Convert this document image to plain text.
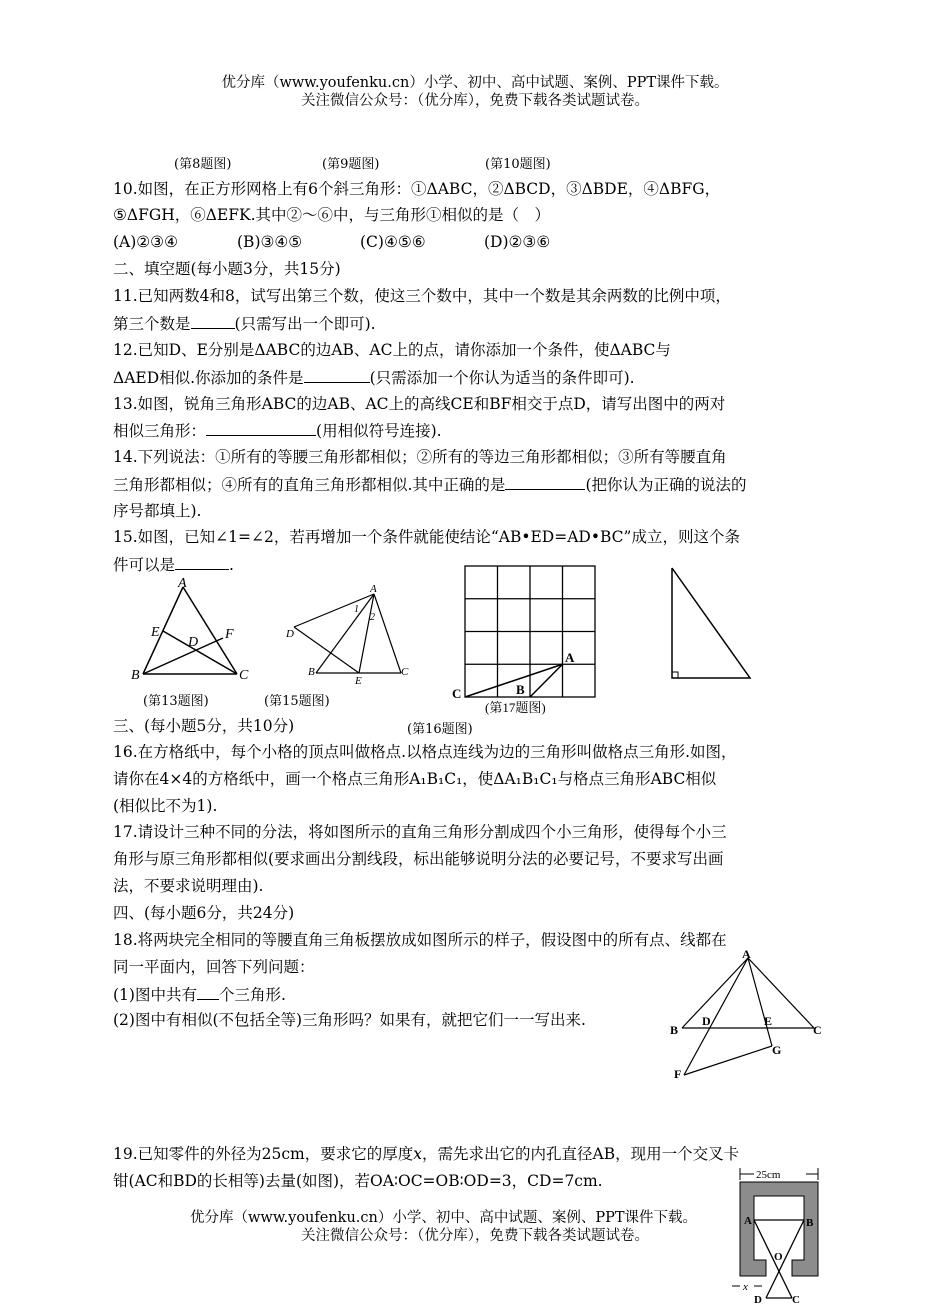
优分库（www.youfenku.cn）小学、初中、高中试题、案例、PPT课件下载。
关注微信公众号：（优分库），免费下载各类试题试卷。
(第8题图)	(第9题图)	(第10题图)
10.如图，在正方形网格上有6个斜三角形：①ΔABC，②ΔBCD，③ΔBDE，④ΔBFG，
⑤ΔFGH，⑥ΔEFK.其中②～⑥中，与三角形①相似的是（　）
(A)②③④	(B)③④⑤	(C)④⑤⑥	(D)②③⑥
二、填空题(每小题3分，共15分)
11.已知两数4和8，试写出第三个数，使这三个数中，其中一个数是其余两数的比例中项，
第三个数是	(只需写出一个即可).
12.已知D、E分别是ΔABC的边AB、AC上的点，请你添加一个条件，使ΔABC与
ΔAED相似.你添加的条件是	(只需添加一个你认为适当的条件即可).
13.如图，锐角三角形ABC的边AB、AC上的高线CE和BF相交于点D，请写出图中的两对
相似三角形：	(用相似符号连接).
14.下列说法：①所有的等腰三角形都相似；②所有的等边三角形都相似；③所有等腰直角
三角形都相似；④所有的直角三角形都相似.其中正确的是	(把你认为正确的说法的
序号都填上).
15.如图，已知∠1=∠2，若再增加一个条件就能使结论“AB•ED=AD•BC”成立，则这个条
件可以是	.
A
B	C
D
E	F
(第13题图)
A
B	C
D
E
1
2
(第15题图)
A
B
C
(第17题图)
三、(每小题5分，共10分)	(第16题图)
16.在方格纸中，每个小格的顶点叫做格点.以格点连线为边的三角形叫做格点三角形.如图，
请你在4×4的方格纸中，画一个格点三角形A₁B₁C₁，使ΔA₁B₁C₁与格点三角形ABC相似
(相似比不为1).
17.请设计三种不同的分法，将如图所示的直角三角形分割成四个小三角形，使得每个小三
角形与原三角形都相似(要求画出分割线段，标出能够说明分法的必要记号，不要求写出画
法，不要求说明理由).
四、(每小题6分，共24分)
18.将两块完全相同的等腰直角三角板摆放成如图所示的样子，假设图中的所有点、线都在
同一平面内，回答下列问题：
(1)图中共有 个三角形.
(2)图中有相似(不包括全等)三角形吗？如果有，就把它们一一写出来.
A
B	C
D	E
F
G
19.已知零件的外径为25cm，要求它的厚度x，需先求出它的内孔直径AB，现用一个交叉卡
钳(AC和BD的长相等)去量(如图)，若OA∶OC=OB∶OD=3，CD=7cm.	25cm
A	B
O
D	C
x
优分库（www.youfenku.cn）小学、初中、高中试题、案例、PPT课件下载。
关注微信公众号：（优分库），免费下载各类试题试卷。
